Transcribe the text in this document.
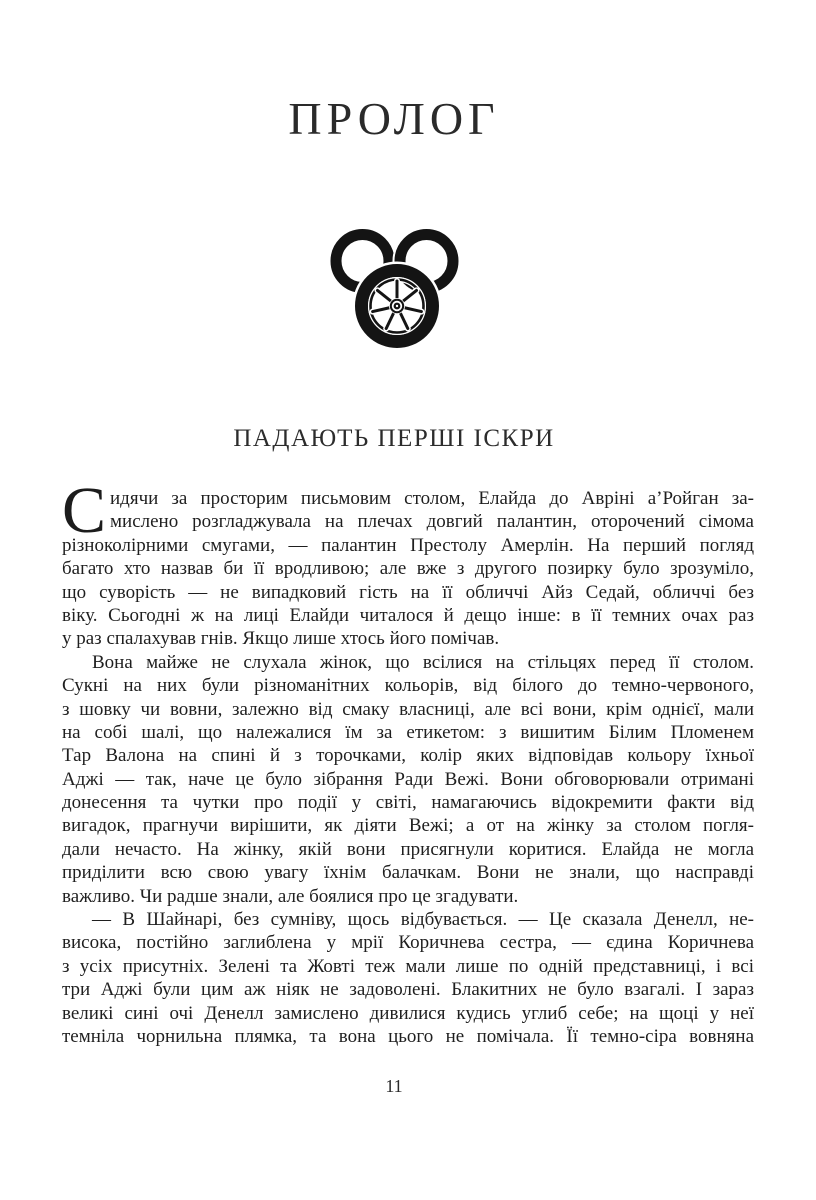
ПРОЛОГ
ПАДАЮТЬ ПЕРШІ ІСКРИ
С идячи за просторим письмовим столом, Елайда до Авріні а’Ройган за-
мислено розгладжувала на плечах довгий палантин, оторочений сімома
різноколірними смугами, — палантин Престолу Амерлін. На перший погляд
багато хто назвав би її вродливою; але вже з другого позирку було зрозуміло,
що суворість — не випадковий гість на її обличчі Айз Седай, обличчі без
віку. Сьогодні ж на лиці Елайди читалося й дещо інше: в її темних очах раз
у раз спалахував гнів. Якщо лише хтось його помічав.
Вона майже не слухала жінок, що всілися на стільцях перед її столом.
Сукні на них були різноманітних кольорів, від білого до темно-червоного,
з шовку чи вовни, залежно від смаку власниці, але всі вони, крім однієї, мали
на собі шалі, що належалися їм за етикетом: з вишитим Білим Пломенем
Тар Валона на спині й з торочками, колір яких відповідав кольору їхньої
Аджі — так, наче це було зібрання Ради Вежі. Вони обговорювали отримані
донесення та чутки про події у світі, намагаючись відокремити факти від
вигадок, прагнучи вирішити, як діяти Вежі; а от на жінку за столом погля-
дали нечасто. На жінку, якій вони присягнули коритися. Елайда не могла
приділити всю свою увагу їхнім балачкам. Вони не знали, що насправді
важливо. Чи радше знали, але боялися про це згадувати.
— В Шайнарі, без сумніву, щось відбувається. — Це сказала Денелл, не-
висока, постійно заглиблена у мрії Коричнева сестра, — єдина Коричнева
з усіх присутніх. Зелені та Жовті теж мали лише по одній представниці, і всі
три Аджі були цим аж ніяк не задоволені. Блакитних не було взагалі. І зараз
великі сині очі Денелл замислено дивилися кудись углиб себе; на щоці у неї
темніла чорнильна плямка, та вона цього не помічала. Її темно-сіра вовняна
11
